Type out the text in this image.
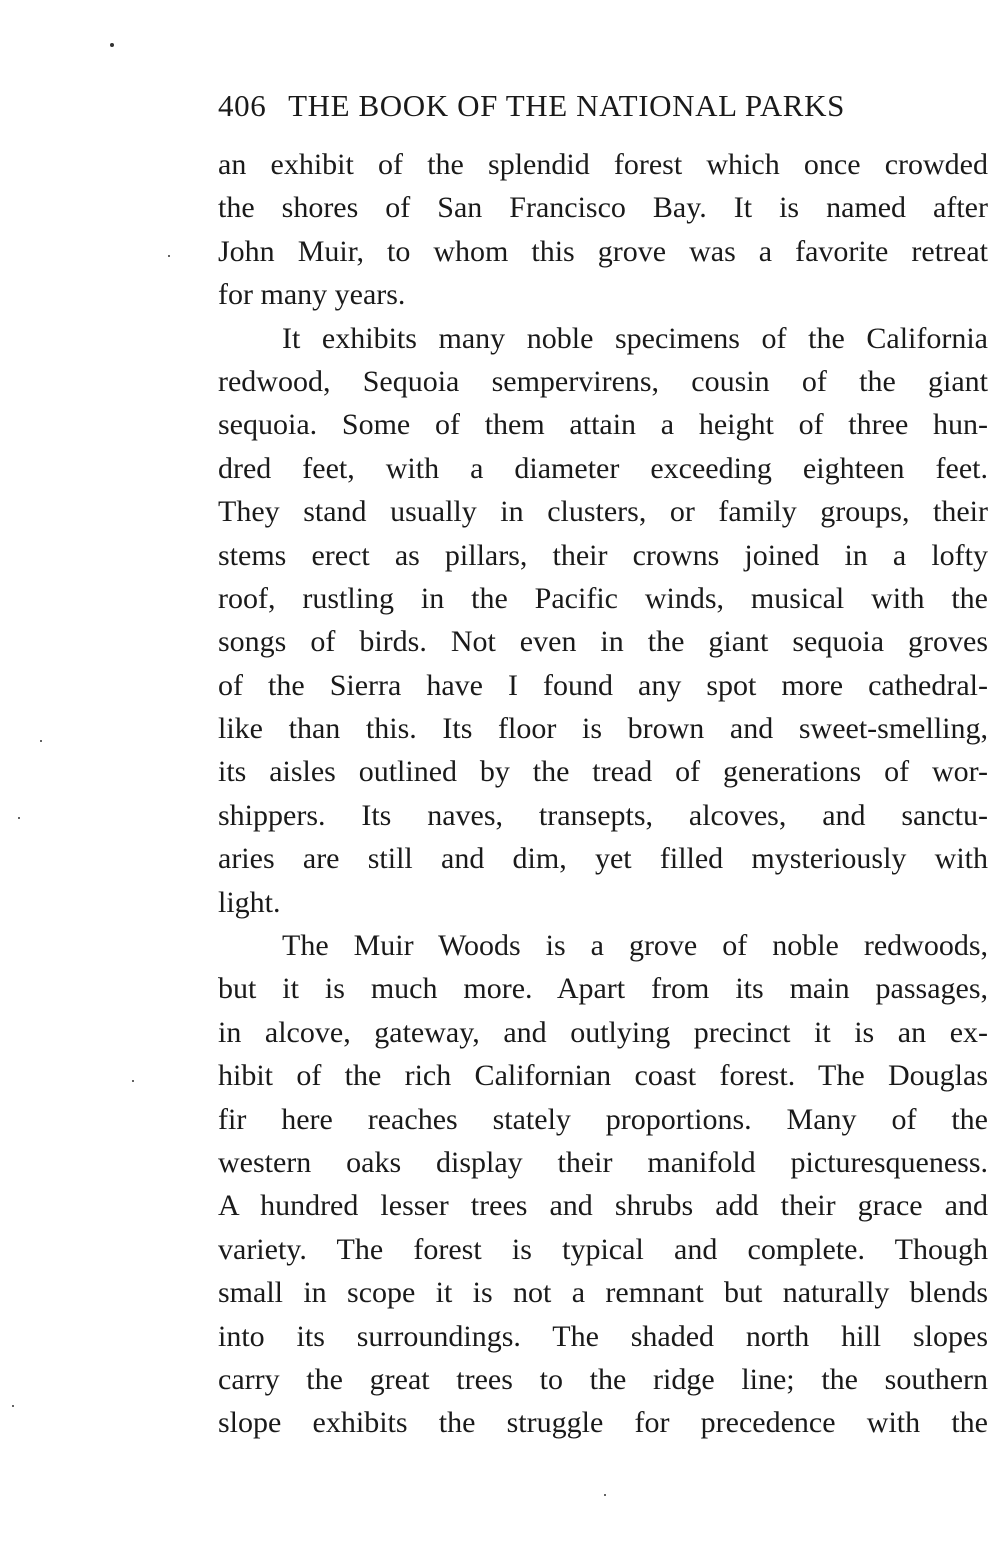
406 THE BOOK OF THE NATIONAL PARKS
an exhibit of the splendid forest which once crowded
the shores of San Francisco Bay. It is named after
John Muir, to whom this grove was a favorite retreat
for many years.
It exhibits many noble specimens of the California
redwood, Sequoia sempervirens, cousin of the giant
sequoia. Some of them attain a height of three hun-
dred feet, with a diameter exceeding eighteen feet.
They stand usually in clusters, or family groups, their
stems erect as pillars, their crowns joined in a lofty
roof, rustling in the Pacific winds, musical with the
songs of birds. Not even in the giant sequoia groves
of the Sierra have I found any spot more cathedral-
like than this. Its floor is brown and sweet-smelling,
its aisles outlined by the tread of generations of wor-
shippers. Its naves, transepts, alcoves, and sanctu-
aries are still and dim, yet filled mysteriously with
light.
The Muir Woods is a grove of noble redwoods,
but it is much more. Apart from its main passages,
in alcove, gateway, and outlying precinct it is an ex-
hibit of the rich Californian coast forest. The Douglas
fir here reaches stately proportions. Many of the
western oaks display their manifold picturesqueness.
A hundred lesser trees and shrubs add their grace and
variety. The forest is typical and complete. Though
small in scope it is not a remnant but naturally blends
into its surroundings. The shaded north hill slopes
carry the great trees to the ridge line; the southern
slope exhibits the struggle for precedence with the
